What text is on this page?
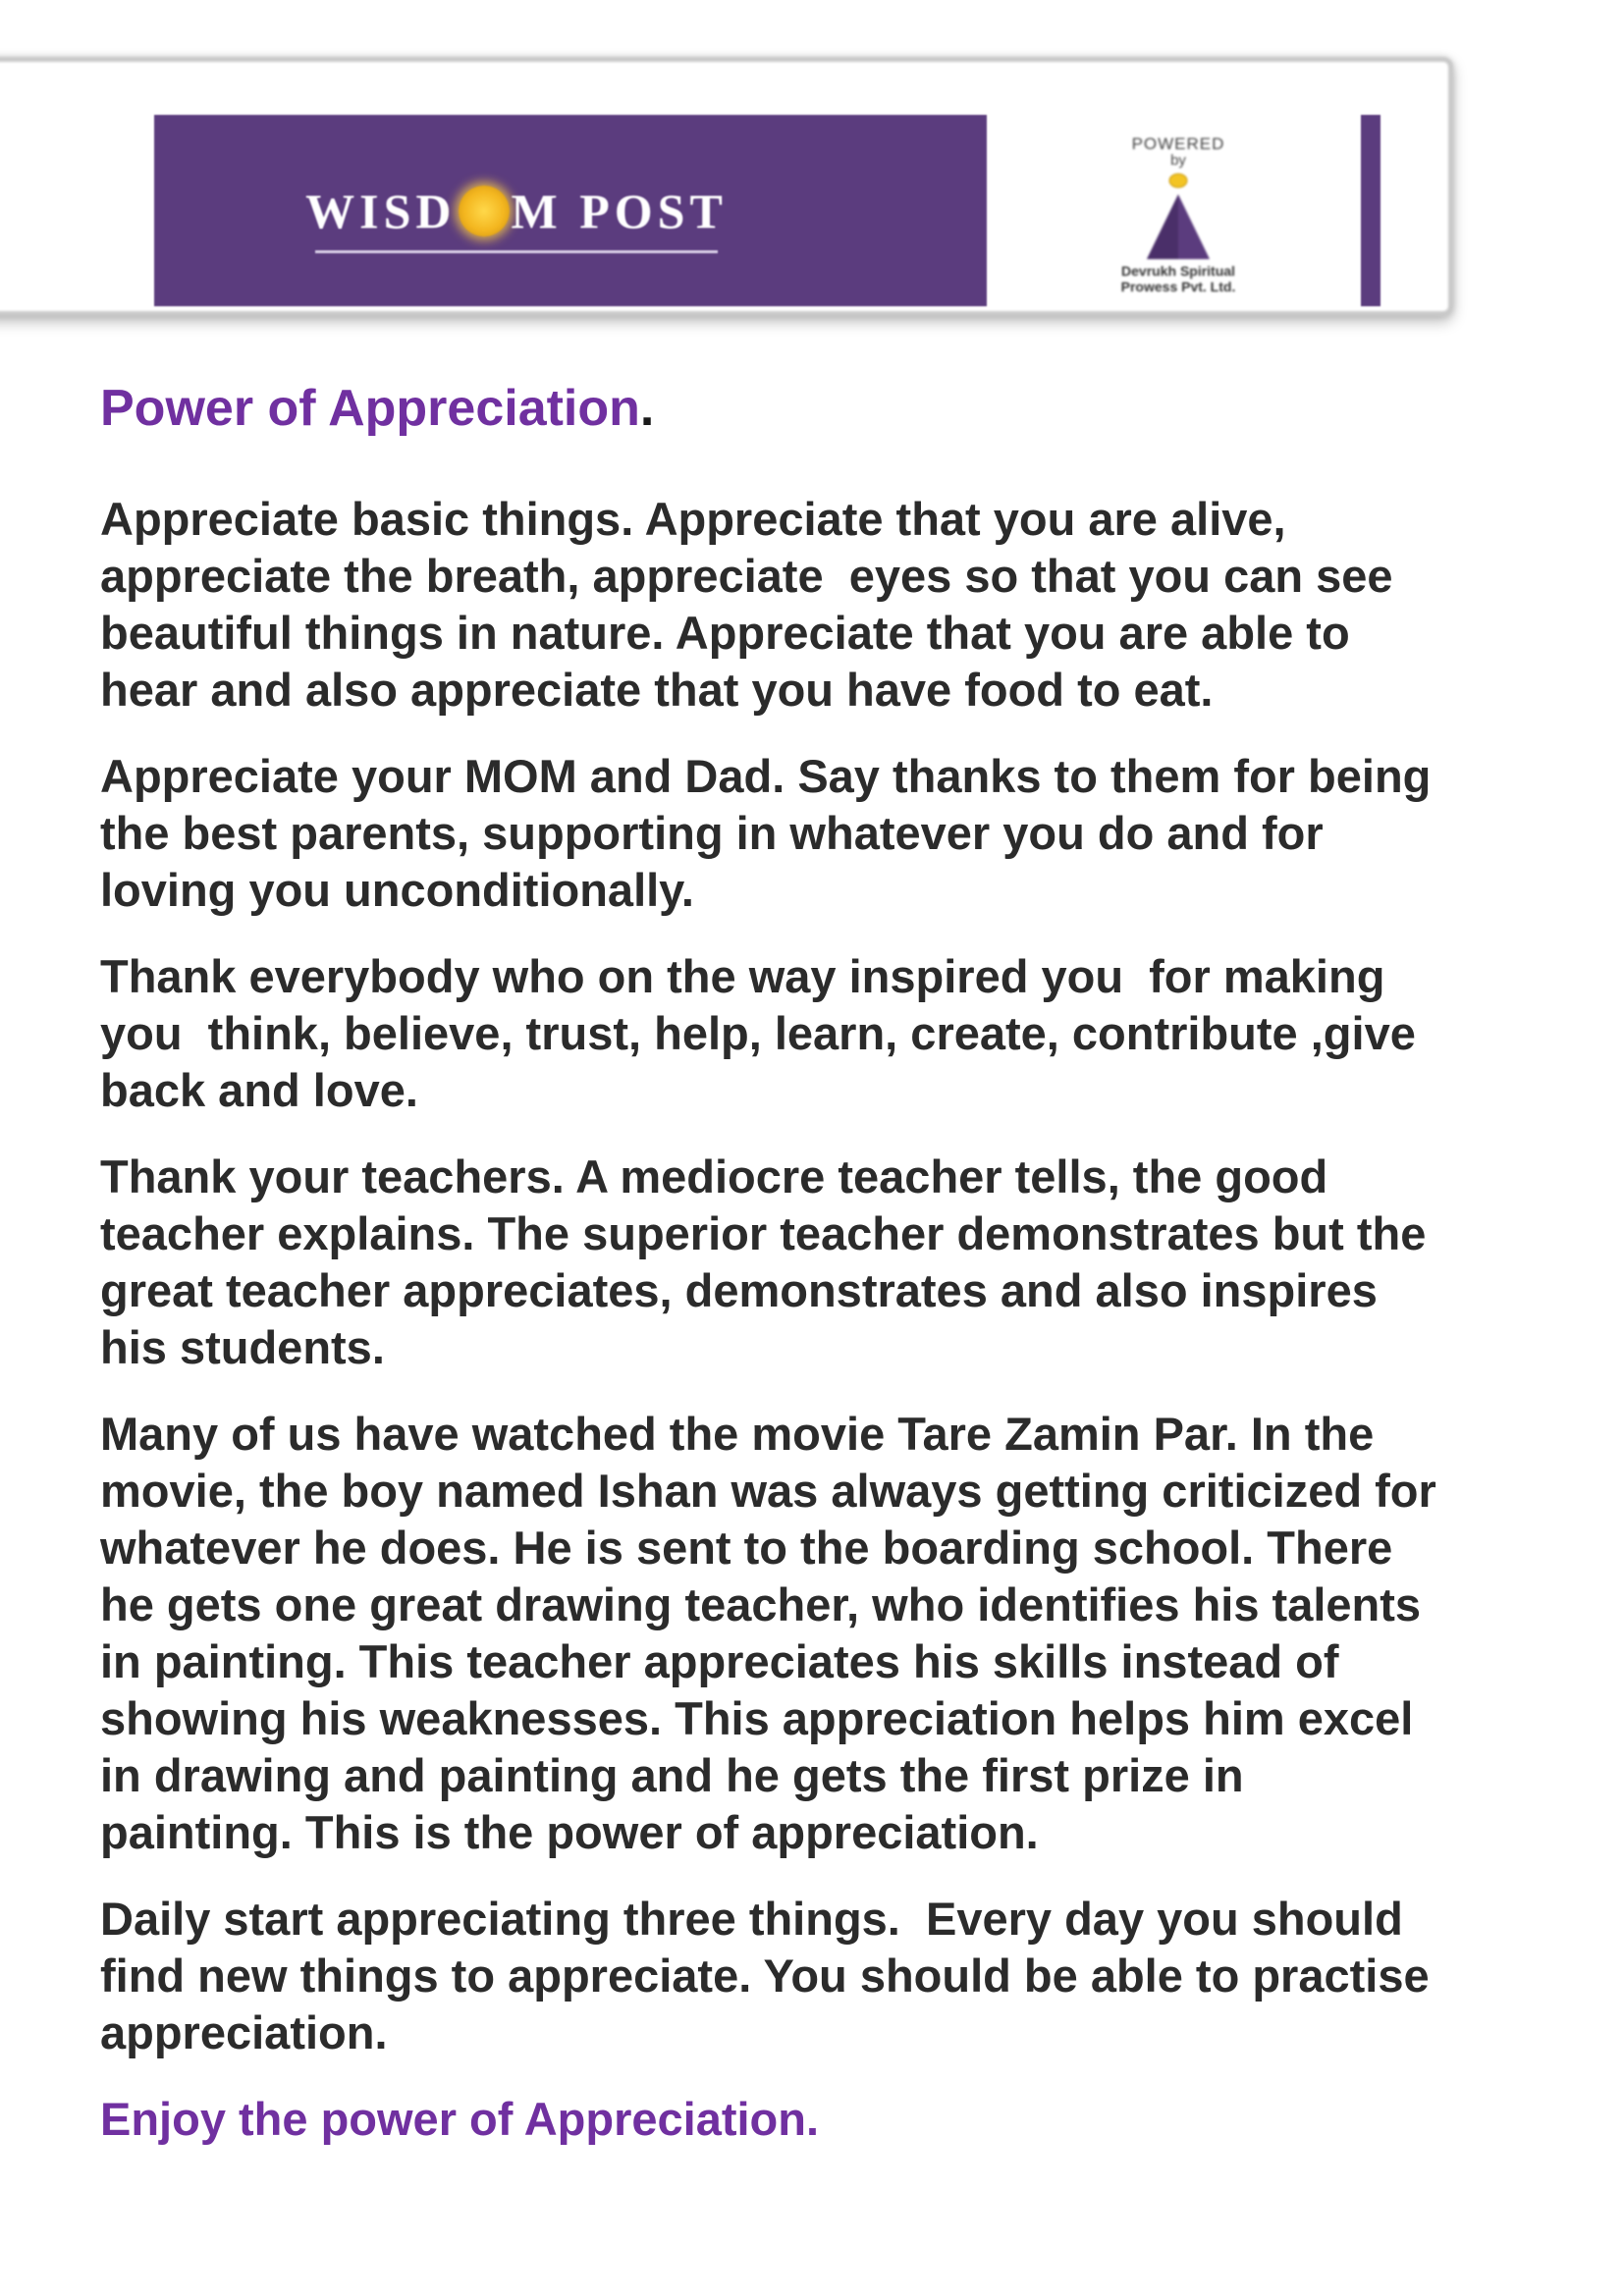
WISD M POST
POWERED
by
Devrukh Spiritual
Prowess Pvt. Ltd.
Power of Appreciation.

Appreciate basic things. Appreciate that you are alive,
appreciate the breath, appreciate  eyes so that you can see
beautiful things in nature. Appreciate that you are able to
hear and also appreciate that you have food to eat.

Appreciate your MOM and Dad. Say thanks to them for being
the best parents, supporting in whatever you do and for
loving you unconditionally.

Thank everybody who on the way inspired you  for making
you  think, believe, trust, help, learn, create, contribute ,give
back and love.

Thank your teachers. A mediocre teacher tells, the good
teacher explains. The superior teacher demonstrates but the
great teacher appreciates, demonstrates and also inspires
his students.

Many of us have watched the movie Tare Zamin Par. In the
movie, the boy named Ishan was always getting criticized for
whatever he does. He is sent to the boarding school. There
he gets one great drawing teacher, who identifies his talents
in painting. This teacher appreciates his skills instead of
showing his weaknesses. This appreciation helps him excel
in drawing and painting and he gets the first prize in
painting. This is the power of appreciation.

Daily start appreciating three things.  Every day you should
find new things to appreciate. You should be able to practise
appreciation.

Enjoy the power of Appreciation.
